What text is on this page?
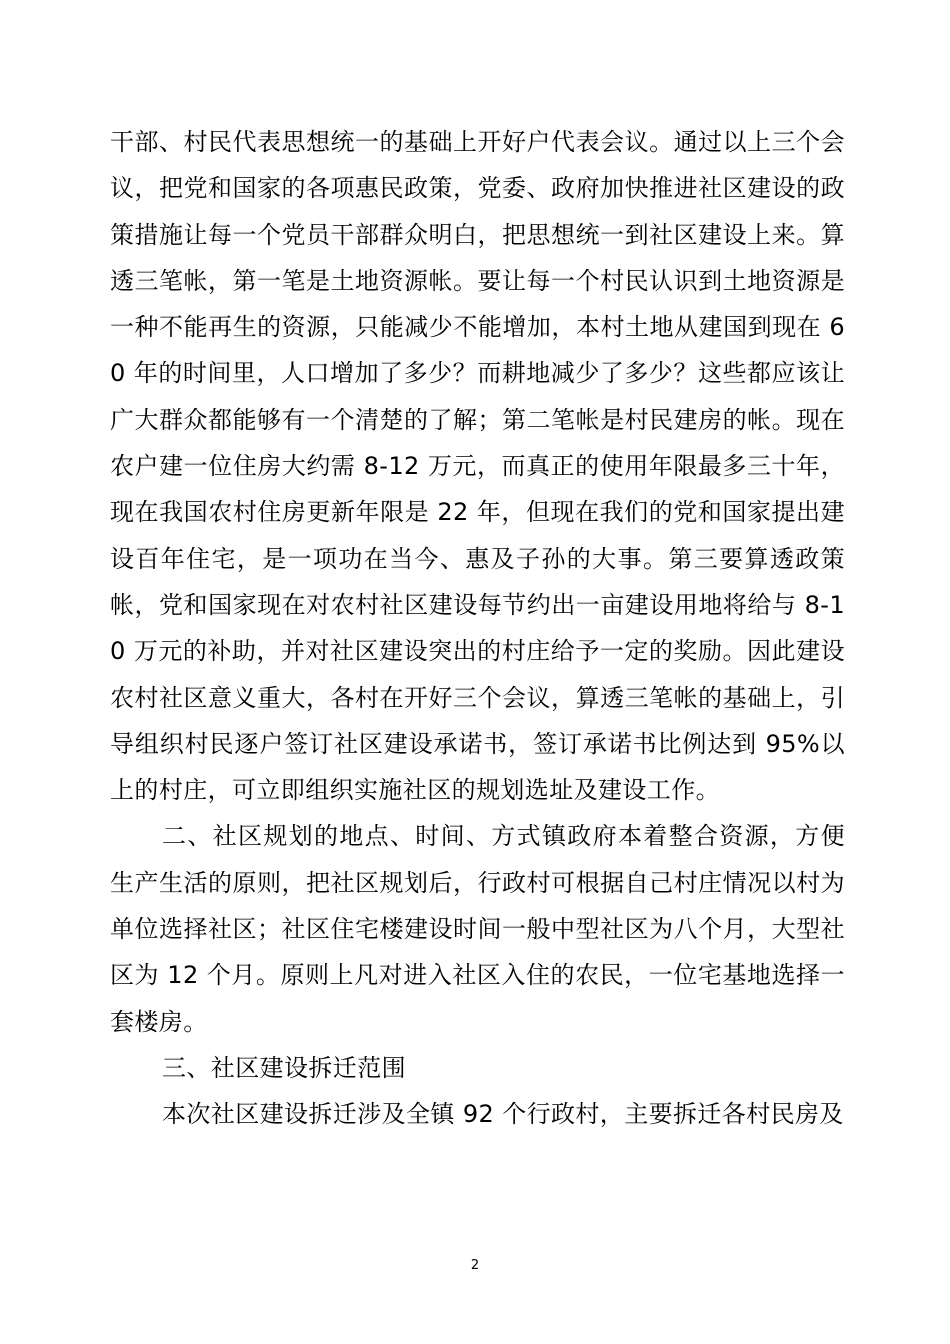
干部、村民代表思想统一的基础上开好户代表会议。通过以上三个会议，把党和国家的各项惠民政策，党委、政府加快推进社区建设的政策措施让每一个党员干部群众明白，把思想统一到社区建设上来。算透三笔帐，第一笔是土地资源帐。要让每一个村民认识到土地资源是一种不能再生的资源，只能减少不能增加，本村土地从建国到现在 60 年的时间里，人口增加了多少？而耕地减少了多少？这些都应该让广大群众都能够有一个清楚的了解；第二笔帐是村民建房的帐。现在农户建一位住房大约需 8-12 万元，而真正的使用年限最多三十年，现在我国农村住房更新年限是 22 年，但现在我们的党和国家提出建设百年住宅，是一项功在当今、惠及子孙的大事。第三要算透政策帐，党和国家现在对农村社区建设每节约出一亩建设用地将给与 8-10 万元的补助，并对社区建设突出的村庄给予一定的奖励。因此建设农村社区意义重大，各村在开好三个会议，算透三笔帐的基础上，引导组织村民逐户签订社区建设承诺书，签订承诺书比例达到 95%以上的村庄，可立即组织实施社区的规划选址及建设工作。

二、社区规划的地点、时间、方式镇政府本着整合资源，方便生产生活的原则，把社区规划后，行政村可根据自己村庄情况以村为单位选择社区；社区住宅楼建设时间一般中型社区为八个月，大型社区为 12 个月。原则上凡对进入社区入住的农民，一位宅基地选择一套楼房。

三、社区建设拆迁范围

本次社区建设拆迁涉及全镇 92 个行政村，主要拆迁各村民房及

2
